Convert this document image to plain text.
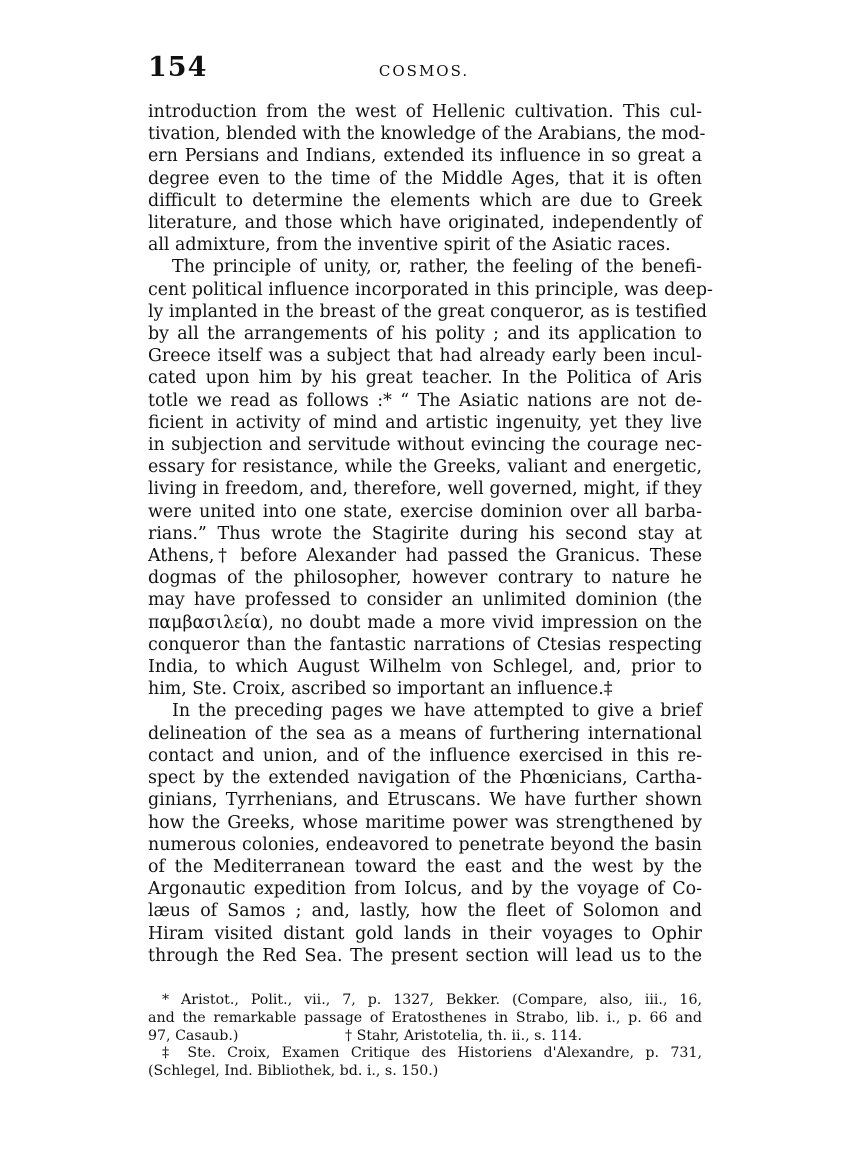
154	COSMOS.
introduction from the west of Hellenic cultivation. This cul-
tivation, blended with the knowledge of the Arabians, the mod-
ern Persians and Indians, extended its influence in so great a
degree even to the time of the Middle Ages, that it is often
difficult to determine the elements which are due to Greek
literature, and those which have originated, independently of
all admixture, from the inventive spirit of the Asiatic races.
The principle of unity, or, rather, the feeling of the benefi-
cent political influence incorporated in this principle, was deep-
ly implanted in the breast of the great conqueror, as is testified
by all the arrangements of his polity ; and its application to
Greece itself was a subject that had already early been incul-
cated upon him by his great teacher. In the Politica of Aris
totle we read as follows :* “ The Asiatic nations are not de-
ficient in activity of mind and artistic ingenuity, yet they live
in subjection and servitude without evincing the courage nec-
essary for resistance, while the Greeks, valiant and energetic,
living in freedom, and, therefore, well governed, might, if they
were united into one state, exercise dominion over all barba-
rians.” Thus wrote the Stagirite during his second stay at
Athens,† before Alexander had passed the Granicus. These
dogmas of the philosopher, however contrary to nature he
may have professed to consider an unlimited dominion (the
παμβασιλεία), no doubt made a more vivid impression on the
conqueror than the fantastic narrations of Ctesias respecting
India, to which August Wilhelm von Schlegel, and, prior to
him, Ste. Croix, ascribed so important an influence.‡
In the preceding pages we have attempted to give a brief
delineation of the sea as a means of furthering international
contact and union, and of the influence exercised in this re-
spect by the extended navigation of the Phœnicians, Cartha-
ginians, Tyrrhenians, and Etruscans. We have further shown
how the Greeks, whose maritime power was strengthened by
numerous colonies, endeavored to penetrate beyond the basin
of the Mediterranean toward the east and the west by the
Argonautic expedition from Iolcus, and by the voyage of Co-
læus of Samos ; and, lastly, how the fleet of Solomon and
Hiram visited distant gold lands in their voyages to Ophir
through the Red Sea. The present section will lead us to the
* Aristot., Polit., vii., 7, p. 1327, Bekker. (Compare, also, iii., 16,
and the remarkable passage of Eratosthenes in Strabo, lib. i., p. 66 and
97, Casaub.)	† Stahr, Aristotelia, th. ii., s. 114.
‡ Ste. Croix, Examen Critique des Historiens d'Alexandre, p. 731,
(Schlegel, Ind. Bibliothek, bd. i., s. 150.)
